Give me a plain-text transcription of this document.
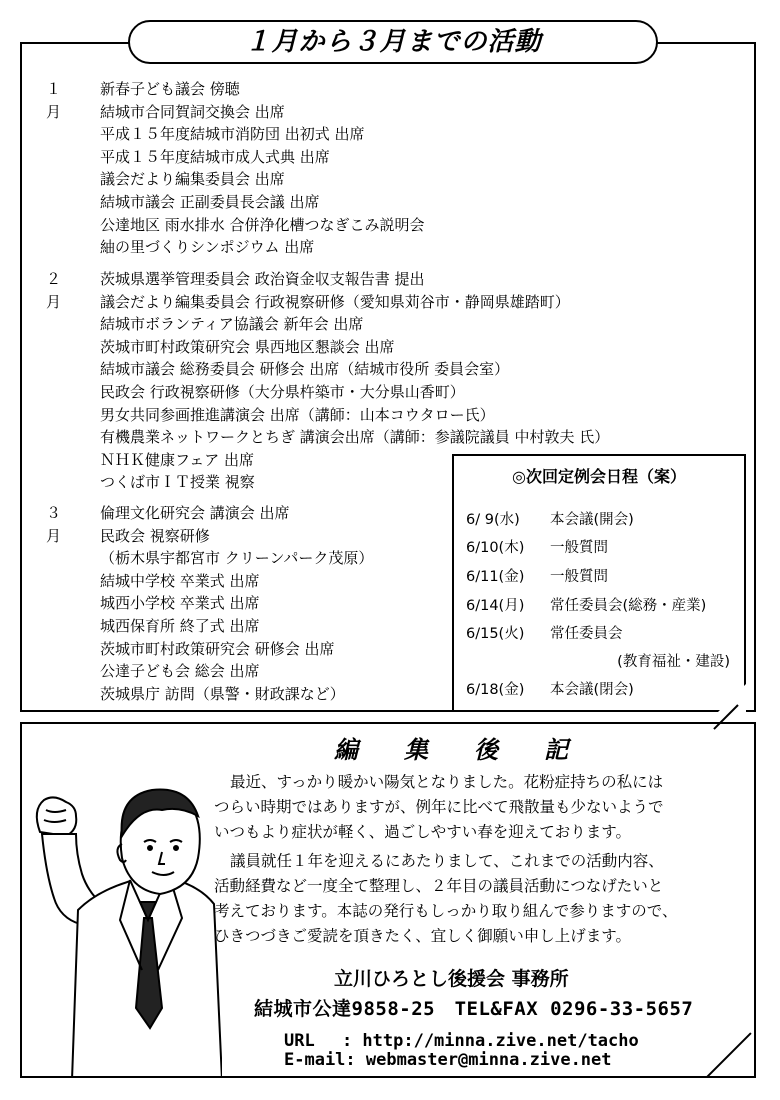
１月から３月までの活動
１月
新春子ども議会 傍聴
結城市合同賀詞交換会 出席
平成１５年度結城市消防団 出初式 出席
平成１５年度結城市成人式典 出席
議会だより編集委員会 出席
結城市議会 正副委員長会議 出席
公達地区 雨水排水 合併浄化槽つなぎこみ説明会
紬の里づくりシンポジウム 出席
２月
茨城県選挙管理委員会 政治資金収支報告書 提出
議会だより編集委員会 行政視察研修（愛知県苅谷市・静岡県雄踏町）
結城市ボランティア協議会 新年会 出席
茨城市町村政策研究会 県西地区懇談会 出席
結城市議会 総務委員会 研修会 出席（結城市役所 委員会室）
民政会 行政視察研修（大分県杵築市・大分県山香町）
男女共同参画推進講演会 出席（講師：山本コウタロー氏）
有機農業ネットワークとちぎ 講演会出席（講師：参議院議員 中村敦夫 氏）
ＮＨＫ健康フェア 出席
つくば市ＩＴ授業 視察
３月
倫理文化研究会 講演会 出席
民政会 視察研修
（栃木県宇都宮市 クリーンパーク茂原）
結城中学校 卒業式 出席
城西小学校 卒業式 出席
城西保育所 終了式 出席
茨城市町村政策研究会 研修会 出席
公達子ども会 総会 出席
茨城県庁 訪問（県警・財政課など）
◎次回定例会日程（案）
6/ 9(水) 本会議(開会)
6/10(木) 一般質問
6/11(金) 一般質問
6/14(月) 常任委員会(総務・産業)
6/15(火) 常任委員会
(教育福祉・建設)
6/18(金) 本会議(閉会)
編 集 後 記
最近、すっかり暖かい陽気となりました。花粉症持ちの私には
つらい時期ではありますが、例年に比べて飛散量も少ないようで
いつもより症状が軽く、過ごしやすい春を迎えております。
議員就任１年を迎えるにあたりまして、これまでの活動内容、
活動経費など一度全て整理し、２年目の議員活動につなげたいと
考えております。本誌の発行もしっかり取り組んで参りますので、
ひきつづきご愛読を頂きたく、宜しく御願い申し上げます。
立川ひろとし後援会 事務所
結城市公達9858-25　TEL&FAX 0296-33-5657
URL　 : http://minna.zive.net/tacho
E-mail: webmaster@minna.zive.net
